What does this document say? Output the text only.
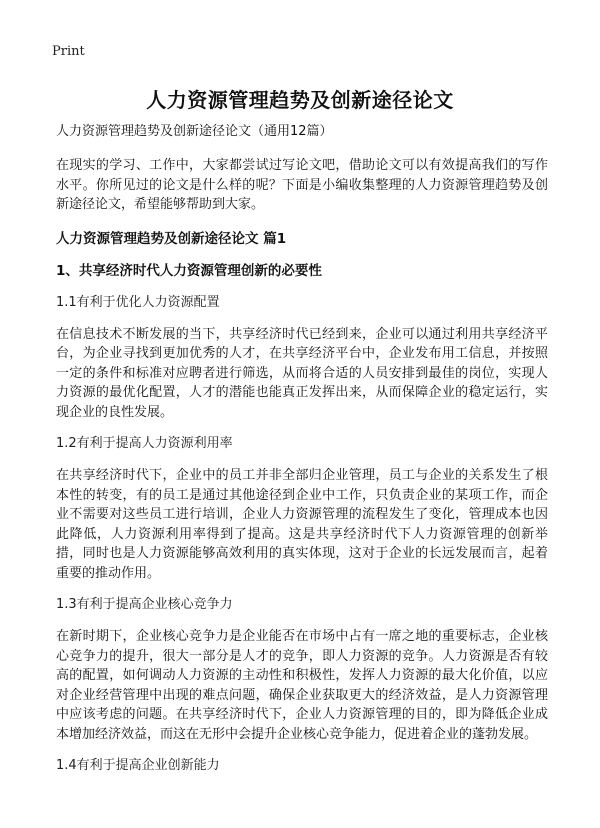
Print
人力资源管理趋势及创新途径论文
人力资源管理趋势及创新途径论文（通用12篇）

在现实的学习、工作中，大家都尝试过写论文吧，借助论文可以有效提高我们的写作水平。你所见过的论文是什么样的呢？下面是小编收集整理的人力资源管理趋势及创新途径论文，希望能够帮助到大家。

人力资源管理趋势及创新途径论文 篇1
1、共享经济时代人力资源管理创新的必要性
1.1有利于优化人力资源配置

在信息技术不断发展的当下，共享经济时代已经到来，企业可以通过利用共享经济平台，为企业寻找到更加优秀的人才，在共享经济平台中，企业发布用工信息，并按照一定的条件和标准对应聘者进行筛选，从而将合适的人员安排到最佳的岗位，实现人力资源的最优化配置，人才的潜能也能真正发挥出来，从而保障企业的稳定运行，实现企业的良性发展。

1.2有利于提高人力资源利用率

在共享经济时代下，企业中的员工并非全部归企业管理，员工与企业的关系发生了根本性的转变，有的员工是通过其他途径到企业中工作，只负责企业的某项工作，而企业不需要对这些员工进行培训，企业人力资源管理的流程发生了变化，管理成本也因此降低，人力资源利用率得到了提高。这是共享经济时代下人力资源管理的创新举措，同时也是人力资源能够高效利用的真实体现，这对于企业的长远发展而言，起着重要的推动作用。

1.3有利于提高企业核心竞争力

在新时期下，企业核心竞争力是企业能否在市场中占有一席之地的重要标志，企业核心竞争力的提升，很大一部分是人才的竞争，即人力资源的竞争。人力资源是否有较高的配置，如何调动人力资源的主动性和积极性，发挥人力资源的最大化价值，以应对企业经营管理中出现的难点问题，确保企业获取更大的经济效益，是人力资源管理中应该考虑的问题。在共享经济时代下，企业人力资源管理的目的，即为降低企业成本增加经济效益，而这在无形中会提升企业核心竞争能力，促进着企业的蓬勃发展。

1.4有利于提高企业创新能力
